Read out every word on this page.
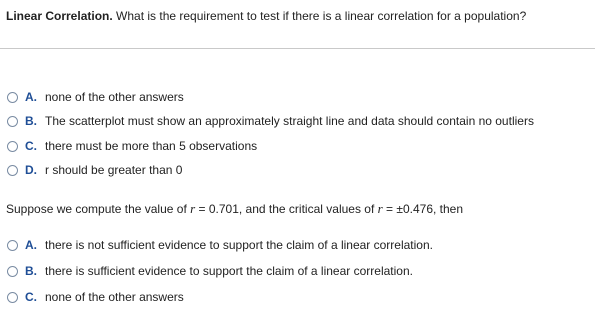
Linear Correlation. What is the requirement to test if there is a linear correlation for a population?
A. none of the other answers
B. The scatterplot must show an approximately straight line and data should contain no outliers
C. there must be more than 5 observations
D. r should be greater than 0
Suppose we compute the value of r = 0.701, and the critical values of r = ±0.476, then
A. there is not sufficient evidence to support the claim of a linear correlation.
B. there is sufficient evidence to support the claim of a linear correlation.
C. none of the other answers
